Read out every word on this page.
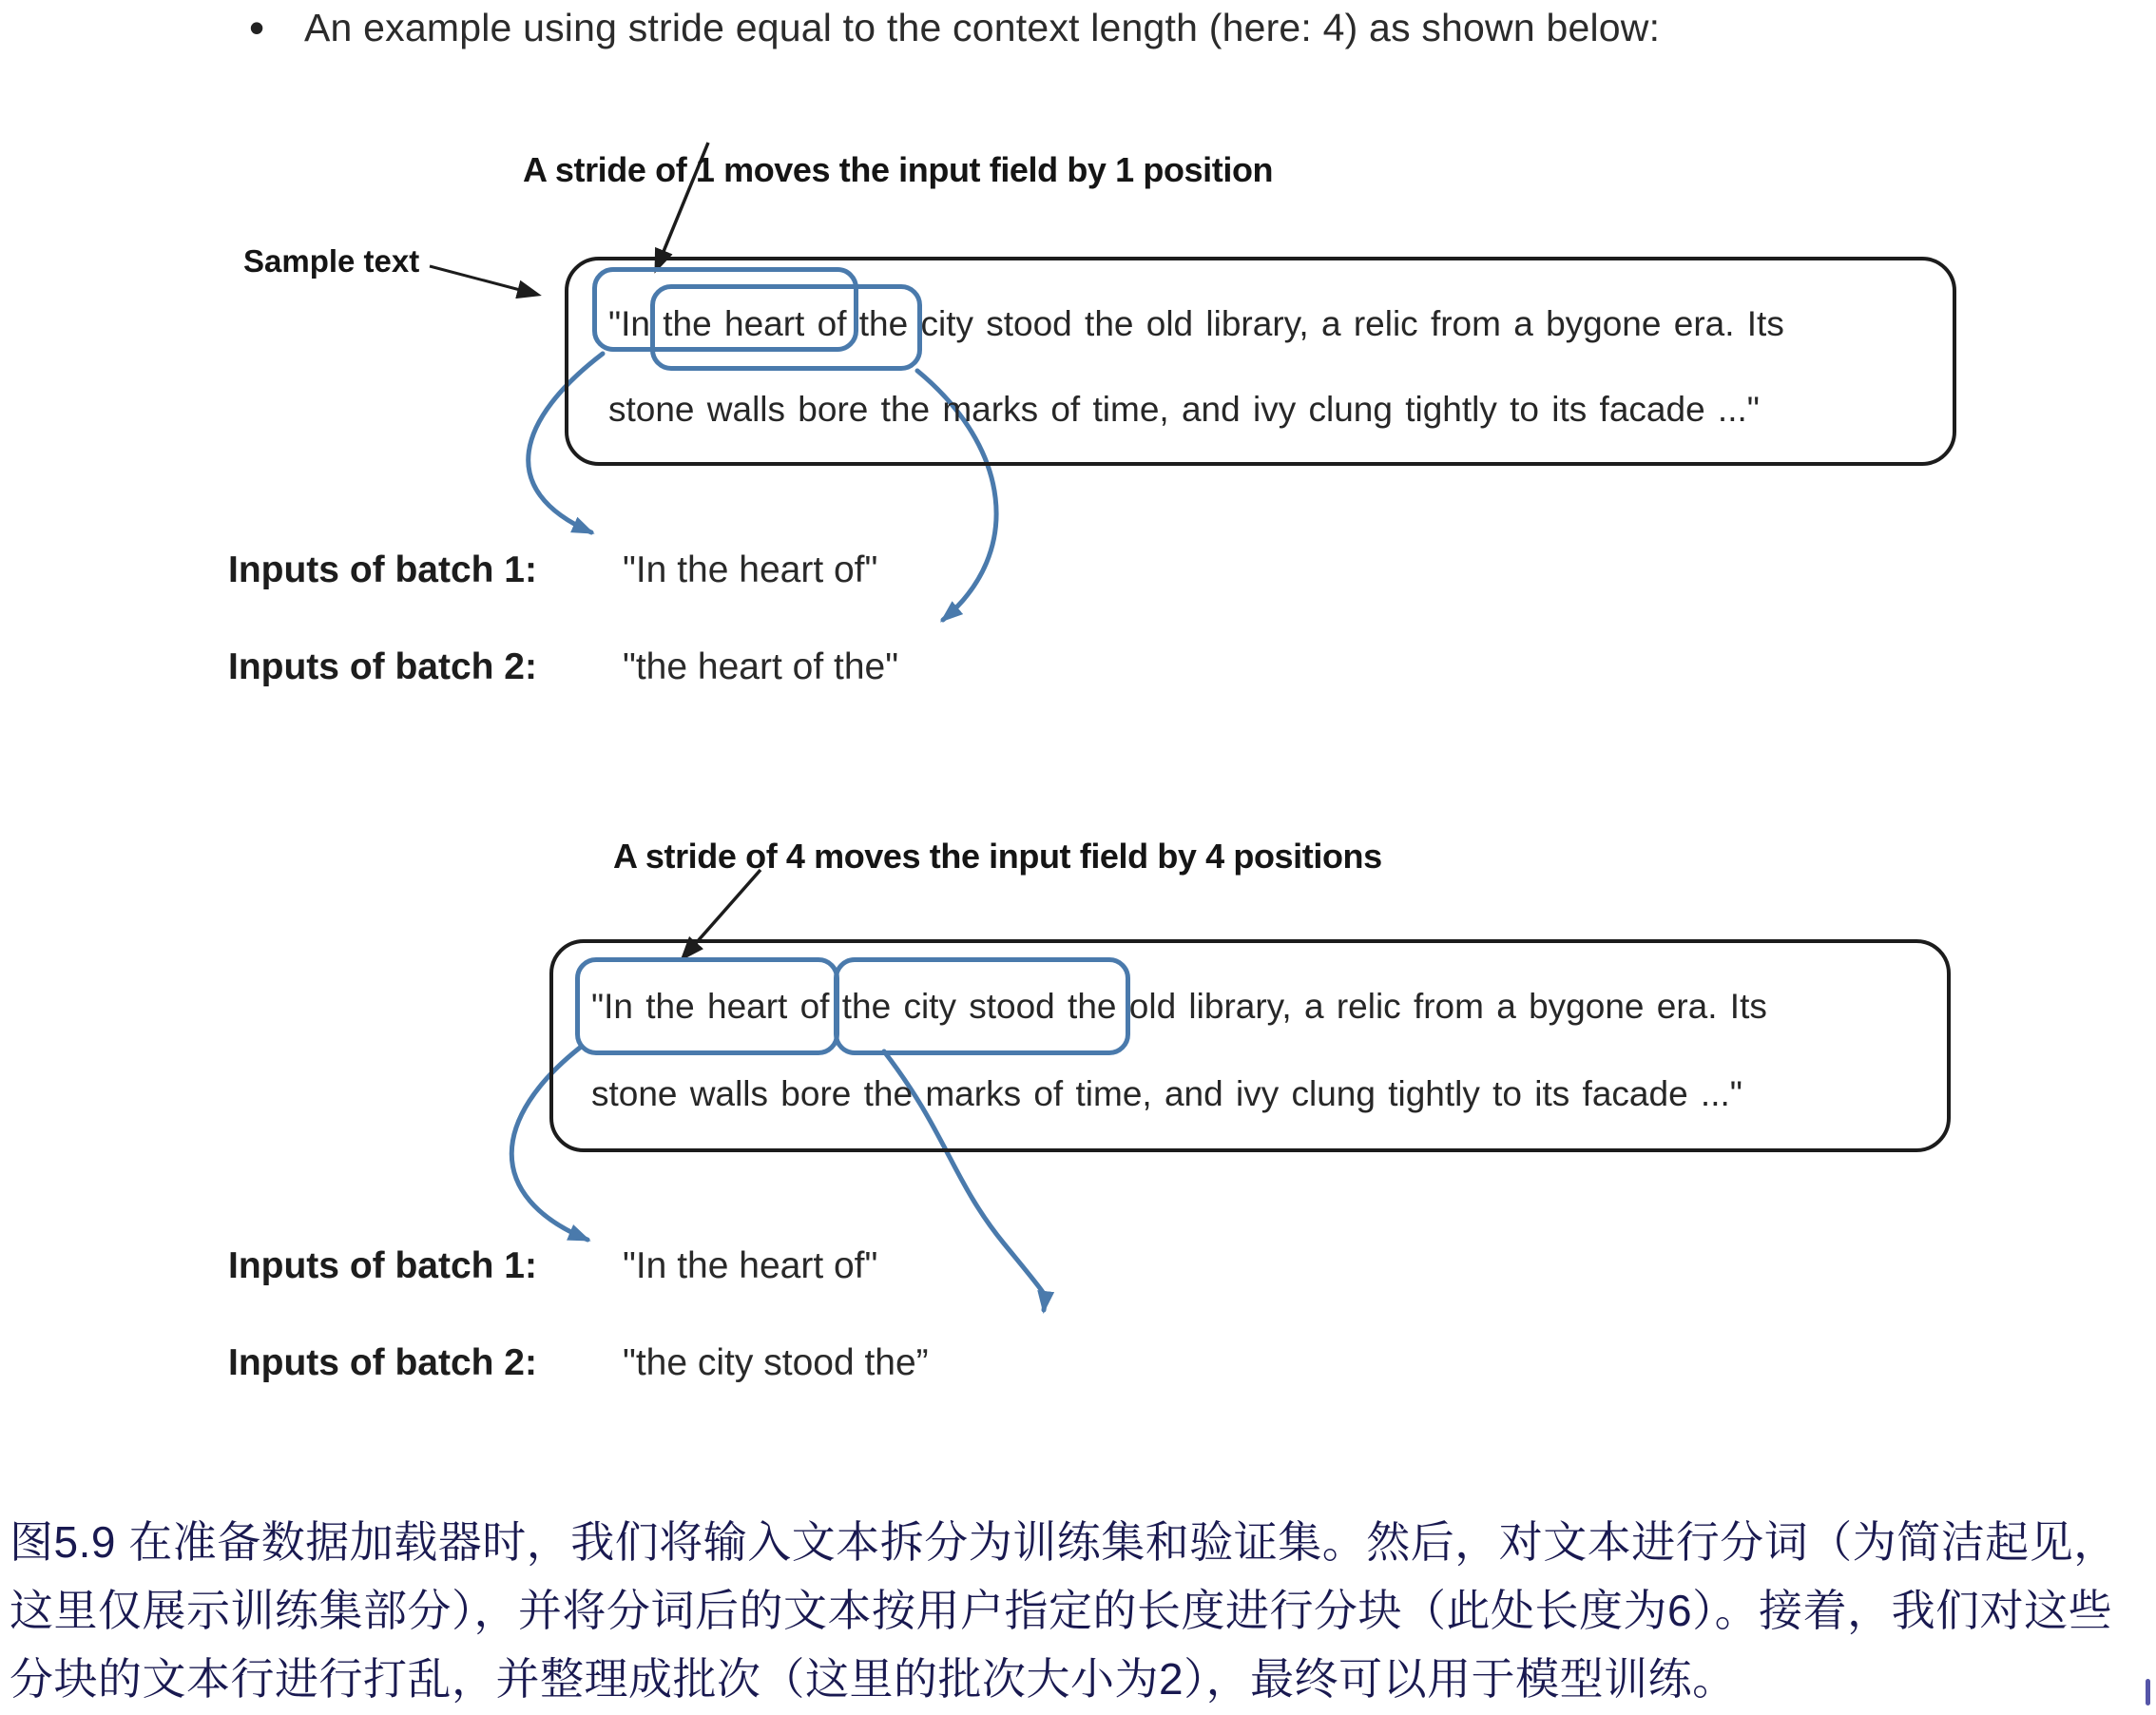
• An example using stride equal to the context length (here: 4) as shown below:
A stride of 1 moves the input field by 1 position
Sample text
"In the heart of the city stood the old library, a relic from a bygone era. Its
stone walls bore the marks of time, and ivy clung tightly to its facade ..."
Inputs of batch 1: "In the heart of"
Inputs of batch 2: "the heart of the"
A stride of 4 moves the input field by 4 positions
"In the heart of the city stood the old library, a relic from a bygone era. Its
stone walls bore the marks of time, and ivy clung tightly to its facade ..."
Inputs of batch 1: "In the heart of"
Inputs of batch 2: "the city stood the”
图5.9 在准备数据加载器时，我们将输入文本拆分为训练集和验证集。然后，对文本进行分词（为简洁起见，
这里仅展示训练集部分），并将分词后的文本按用户指定的长度进行分块（此处长度为6）。接着，我们对这些
分块的文本行进行打乱，并整理成批次（这里的批次大小为2），最终可以用于模型训练。
